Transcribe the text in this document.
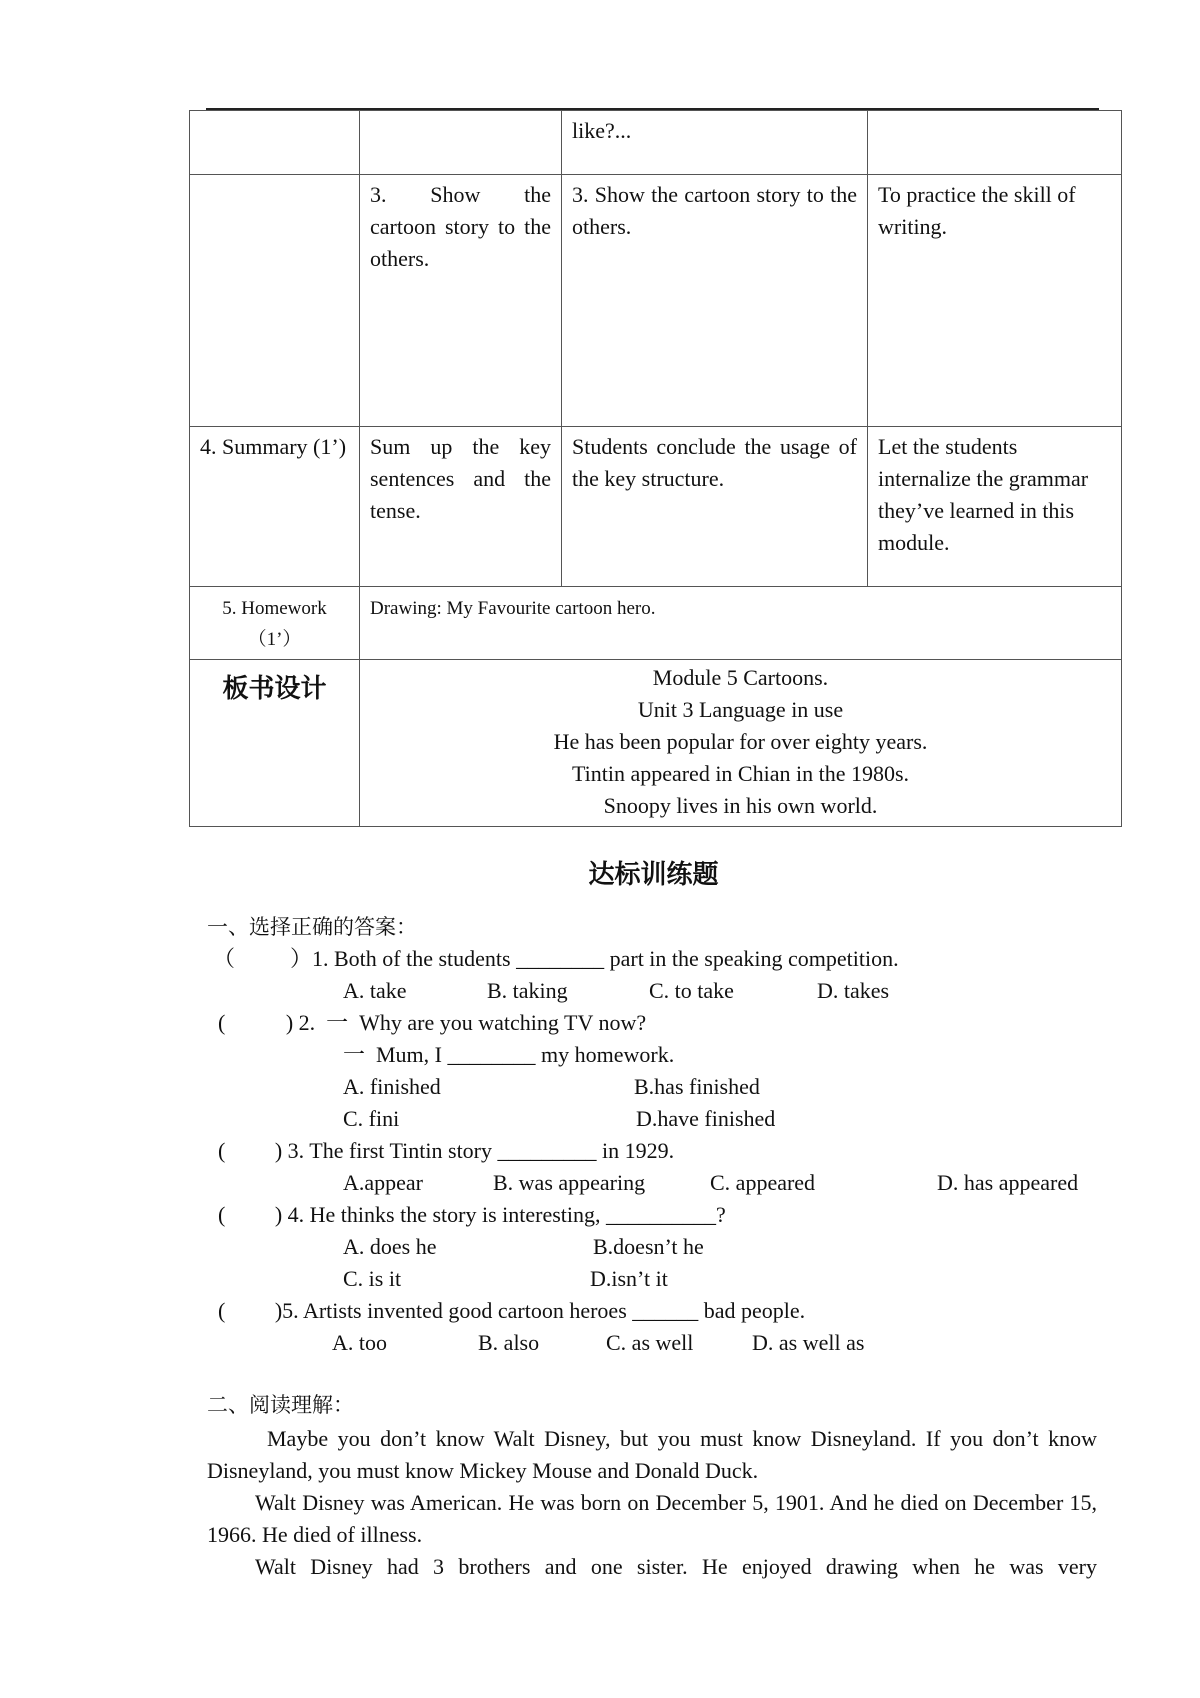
		like?...	
	3.   Show   the cartoon story to the others.	3. Show the cartoon story to the others.	To practice the skill of writing.
4. Summary (1’)	Sum up the key sentences and the tense.	Students conclude the usage of the key structure.	Let the students internalize the grammar they’ve learned in this module.
5. Homework （1’）	Drawing: My Favourite cartoon hero.		
板书设计	Module 5 Cartoons.
Unit 3 Language in use
He has been popular for over eighty years.
Tintin appeared in Chian in the 1980s.
Snoopy lives in his own world.		
达标训练题
一、选择正确的答案：
（          ）1. Both of the students ________ part in the speaking competition.
A. take	B. taking	C. to take	D. takes
(           ) 2.  一  Why are you watching TV now?
一  Mum, I ________ my homework.
A. finished	B.has finished
C. fini	D.have finished
(         ) 3. The first Tintin story _________ in 1929.
A.appear	B. was appearing	C. appeared	D. has appeared
(         ) 4. He thinks the story is interesting, __________?
A. does he	B.doesn’t he
C. is it	D.isn’t it
(         )5. Artists invented good cartoon heroes ______ bad people.
A. too	B. also	C. as well	D. as well as
二、阅读理解：
Maybe you don’t know Walt Disney, but you must know Disneyland. If you don’t know Disneyland, you must know Mickey Mouse and Donald Duck.
Walt Disney was American. He was born on December 5, 1901. And he died on December 15, 1966. He died of illness.
Walt Disney had 3 brothers and one sister. He enjoyed drawing when he was very
